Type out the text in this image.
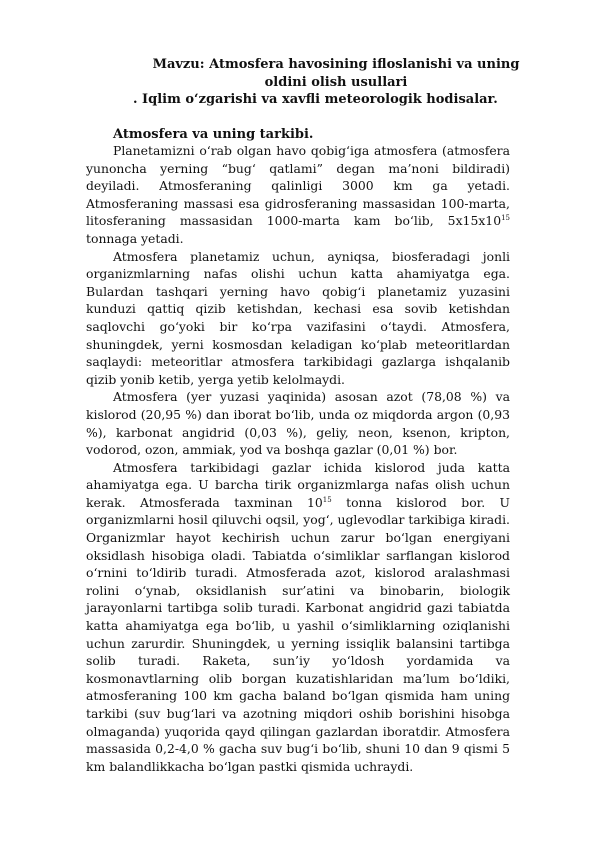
Mavzu: Atmosfera havosining ifloslanishi va uning
oldini olish usullari
. Iqlim o‘zgarishi va xavfli meteorologik hodisalar.
Atmosfera va uning tarkibi.

Planetamizni o‘rab olgan havo qobig‘iga atmosfera (atmosfera yunoncha yerning “bug‘ qatlami” degan ma’noni bildiradi) deyiladi. Atmosferaning qalinligi 3000 km ga yetadi. Atmosferaning massasi esa gidrosferaning massasidan 100-marta, litosferaning massasidan 1000-marta kam bo‘lib, $5x15x10^{15}$ tonnaga yetadi.

Atmosfera planetamiz uchun, ayniqsa, biosferadagi jonli organizmlarning nafas olishi uchun katta ahamiyatga ega. Bulardan tashqari yerning havo qobig‘i planetamiz yuzasini kunduzi qattiq qizib ketishdan, kechasi esa sovib ketishdan saqlovchi go‘yoki bir ko‘rpa vazifasini o‘taydi. Atmosfera, shuningdek, yerni kosmosdan keladigan ko‘plab meteoritlardan saqlaydi: meteoritlar atmosfera tarkibidagi gazlarga ishqalanib qizib yonib ketib, yerga yetib kelolmaydi.

Atmosfera (yer yuzasi yaqinida) asosan azot (78,08 %) va kislorod (20,95 %) dan iborat bo‘lib, unda oz miqdorda argon (0,93 %), karbonat angidrid (0,03 %), geliy, neon, ksenon, kripton, vodorod, ozon, ammiak, yod va boshqa gazlar (0,01 %) bor.

Atmosfera tarkibidagi gazlar ichida kislorod juda katta ahamiyatga ega. U barcha tirik organizmlarga nafas olish uchun kerak. Atmosferada taxminan $10^{15}$ tonna kislorod bor. U organizmlarni hosil qiluvchi oqsil, yog‘, uglevodlar tarkibiga kiradi. Organizmlar hayot kechirish uchun zarur bo‘lgan energiyani oksidlash hisobiga oladi. Tabiatda o‘simliklar sarflangan kislorod o‘rnini to‘ldirib turadi. Atmosferada azot, kislorod aralashmasi rolini o‘ynab, oksidlanish sur’atini va binobarin, biologik jarayonlarni tartibga solib turadi. Karbonat angidrid gazi tabiatda katta ahamiyatga ega bo‘lib, u yashil o‘simliklarning oziqlanishi uchun zarurdir. Shuningdek, u yerning issiqlik balansini tartibga solib turadi. Raketa, sun’iy yo‘ldosh yordamida va kosmonavtlarning olib borgan kuzatishlaridan ma’lum bo‘ldiki, atmosferaning 100 km gacha baland bo‘lgan qismida ham uning tarkibi (suv bug‘lari va azotning miqdori oshib borishini hisobga olmaganda) yuqorida qayd qilingan gazlardan iboratdir. Atmosfera massasida 0,2-4,0 % gacha suv bug‘i bo‘lib, shuni 10 dan 9 qismi 5 km balandlikkacha bo‘lgan pastki qismida uchraydi.
